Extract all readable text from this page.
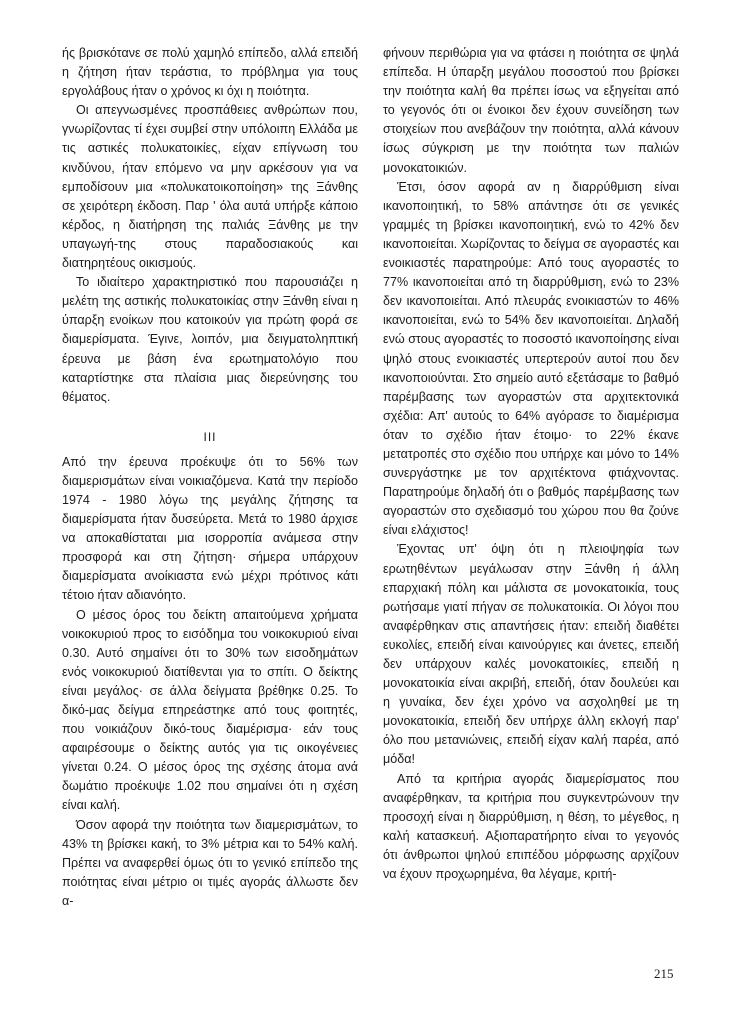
ής βρισκότανε σε πολύ χαμηλό επίπεδο, αλλά επειδή η ζήτηση ήταν τεράστια, το πρόβλημα για τους εργολάβους ήταν ο χρόνος κι όχι η ποιότητα.

Οι απεγνωσμένες προσπάθειες ανθρώπων που, γνωρίζοντας τί έχει συμβεί στην υπόλοιπη Ελλάδα με τις αστικές πολυκατοικίες, είχαν επίγνωση του κινδύνου, ήταν επόμενο να μην αρκέσουν για να εμποδίσουν μια «πολυκατοικοποίηση» της Ξάνθης σε χειρότερη έκδοση. Παρ ' όλα αυτά υπήρξε κάποιο κέρδος, η διατήρηση της παλιάς Ξάνθης με την υπαγωγή-της στους παραδοσιακούς και διατηρητέους οικισμούς.

Το ιδιαίτερο χαρακτηριστικό που παρουσιάζει η μελέτη της αστικής πολυκατοικίας στην Ξάνθη είναι η ύπαρξη ενοίκων που κατοικούν για πρώτη φορά σε διαμερίσματα. Έγινε, λοιπόν, μια δειγματοληπτική έρευνα με βάση ένα ερωτηματολόγιο που καταρτίστηκε στα πλαίσια μιας διερεύνησης του θέματος.

III

Από την έρευνα προέκυψε ότι το 56% των διαμερισμάτων είναι νοικιαζόμενα. Κατά την περίοδο 1974 - 1980 λόγω της μεγάλης ζήτησης τα διαμερίσματα ήταν δυσεύρετα. Μετά το 1980 άρχισε να αποκαθίσταται μια ισορροπία ανάμεσα στην προσφορά και στη ζήτηση· σήμερα υπάρχουν διαμερίσματα ανοίκιαστα ενώ μέχρι πρότινος κάτι τέτοιο ήταν αδιανόητο.

Ο μέσος όρος του δείκτη απαιτούμενα χρήματα νοικοκυριού προς το εισόδημα του νοικοκυριού είναι 0.30. Αυτό σημαίνει ότι το 30% των εισοδημάτων ενός νοικοκυριού διατίθενται για το σπίτι. Ο δείκτης είναι μεγάλος· σε άλλα δείγματα βρέθηκε 0.25. Το δικό-μας δείγμα επηρεάστηκε από τους φοιτητές, που νοικιάζουν δικό-τους διαμέρισμα· εάν τους αφαιρέσουμε ο δείκτης αυτός για τις οικογένειες γίνεται 0.24. Ο μέσος όρος της σχέσης άτομα ανά δωμάτιο προέκυψε 1.02 που σημαίνει ότι η σχέση είναι καλή.

Όσον αφορά την ποιότητα των διαμερισμάτων, το 43% τη βρίσκει κακή, το 3% μέτρια και το 54% καλή. Πρέπει να αναφερθεί όμως ότι το γενικό επίπεδο της ποιότητας είναι μέτριο οι τιμές αγοράς άλλωστε δεν α-

φήνουν περιθώρια για να φτάσει η ποιότητα σε ψηλά επίπεδα. Η ύπαρξη μεγάλου ποσοστού που βρίσκει την ποιότητα καλή θα πρέπει ίσως να εξηγείται από το γεγονός ότι οι ένοικοι δεν έχουν συνείδηση των στοιχείων που ανεβάζουν την ποιότητα, αλλά κάνουν ίσως σύγκριση με την ποιότητα των παλιών μονοκατοικιών.

Έτσι, όσον αφορά αν η διαρρύθμιση είναι ικανοποιητική, το 58% απάντησε ότι σε γενικές γραμμές τη βρίσκει ικανοποιητική, ενώ το 42% δεν ικανοποιείται. Χωρίζοντας το δείγμα σε αγοραστές και ενοικιαστές παρατηρούμε: Από τους αγοραστές το 77% ικανοποιείται από τη διαρρύθμιση, ενώ το 23% δεν ικανοποιείται. Από πλευράς ενοικιαστών το 46% ικανοποιείται, ενώ το 54% δεν ικανοποιείται. Δηλαδή ενώ στους αγοραστές το ποσοστό ικανοποίησης είναι ψηλό στους ενοικιαστές υπερτερούν αυτοί που δεν ικανοποιούνται. Στο σημείο αυτό εξετάσαμε το βαθμό παρέμβασης των αγοραστών στα αρχιτεκτονικά σχέδια: Απ' αυτούς το 64% αγόρασε το διαμέρισμα όταν το σχέδιο ήταν έτοιμο· το 22% έκανε μετατροπές στο σχέδιο που υπήρχε και μόνο το 14% συνεργάστηκε με τον αρχιτέκτονα φτιάχνοντας. Παρατηρούμε δηλαδή ότι ο βαθμός παρέμβασης των αγοραστών στο σχεδιασμό του χώρου που θα ζούνε είναι ελάχιστος!

Έχοντας υπ' όψη ότι η πλειοψηφία των ερωτηθέντων μεγάλωσαν στην Ξάνθη ή άλλη επαρχιακή πόλη και μάλιστα σε μονοκατοικία, τους ρωτήσαμε γιατί πήγαν σε πολυκατοικία. Οι λόγοι που αναφέρθηκαν στις απαντήσεις ήταν: επειδή διαθέτει ευκολίες, επειδή είναι καινούργιες και άνετες, επειδή δεν υπάρχουν καλές μονοκατοικίες, επειδή η μονοκατοικία είναι ακριβή, επειδή, όταν δουλεύει και η γυναίκα, δεν έχει χρόνο να ασχοληθεί με τη μονοκατοικία, επειδή δεν υπήρχε άλλη εκλογή παρ' όλο που μετανιώνεις, επειδή είχαν καλή παρέα, από μόδα!

Από τα κριτήρια αγοράς διαμερίσματος που αναφέρθηκαν, τα κριτήρια που συγκεντρώνουν την προσοχή είναι η διαρρύθμιση, η θέση, το μέγεθος, η καλή κατασκευή. Αξιοπαρατήρητο είναι το γεγονός ότι άνθρωποι ψηλού επιπέδου μόρφωσης αρχίζουν να έχουν προχωρημένα, θα λέγαμε, κριτή-

215
